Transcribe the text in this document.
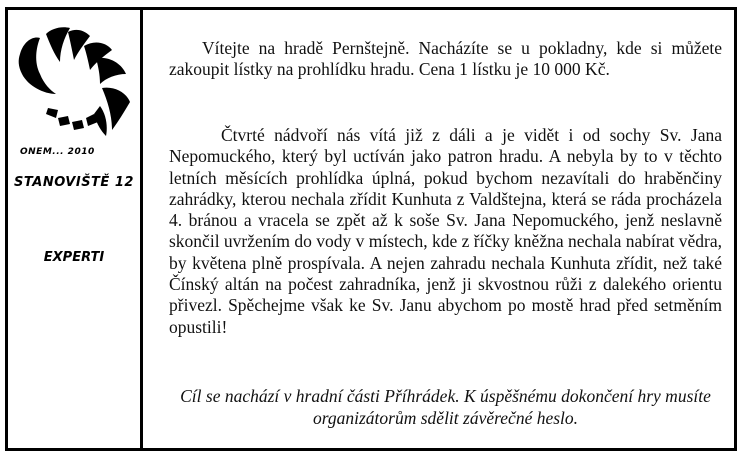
ONEM... 2010
STANOVIŠTĚ 12
EXPERTI

Vítejte na hradě Pernštejně. Nacházíte se u pokladny, kde si můžete zakoupit lístky na prohlídku hradu. Cena 1 lístku je 10 000 Kč.

Čtvrté nádvoří nás vítá již z dáli a je vidět i od sochy Sv. Jana Nepomuckého, který byl uctíván jako patron hradu. A nebyla by to v těchto letních měsících prohlídka úplná, pokud bychom nezavítali do hraběnčiny zahrádky, kterou nechala zřídit Kunhuta z Valdštejna, která se ráda procházela 4. bránou a vracela se zpět až k soše Sv. Jana Nepomuckého, jenž neslavně skončil uvržením do vody v místech, kde z říčky kněžna nechala nabírat vědra, by květena plně prospívala. A nejen zahradu nechala Kunhuta zřídit, než také Čínský altán na počest zahradníka, jenž ji skvostnou růži z dalekého orientu přivezl. Spěchejme však ke Sv. Janu abychom po mostě hrad před setměním opustili!

Cíl se nachází v hradní části Příhrádek. K úspěšnému dokončení hry musíte organizátorům sdělit závěrečné heslo.
